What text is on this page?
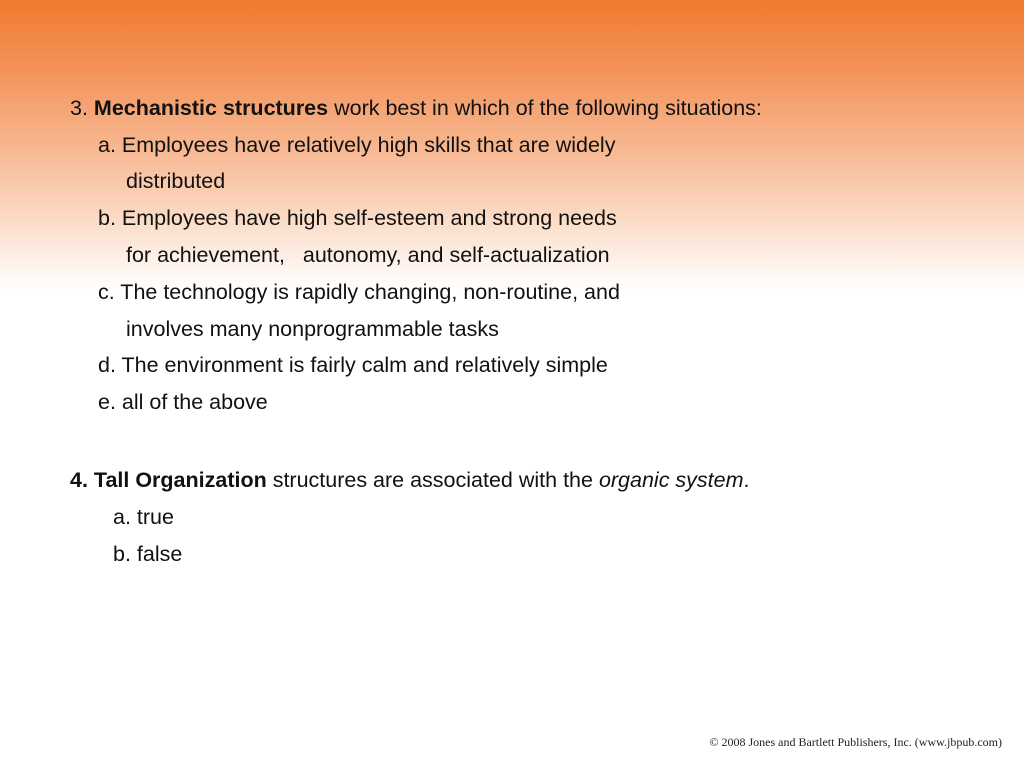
3. Mechanistic structures work best in which of the following situations:
a. Employees have relatively high skills that are widely
distributed
b. Employees have high self-esteem and strong needs
for achievement,   autonomy, and self-actualization
c. The technology is rapidly changing, non-routine, and
involves many nonprogrammable tasks
d. The environment is fairly calm and relatively simple
e. all of the above
4. Tall Organization structures are associated with the organic system.
a. true
b. false
© 2008 Jones and Bartlett Publishers, Inc. (www.jbpub.com)
